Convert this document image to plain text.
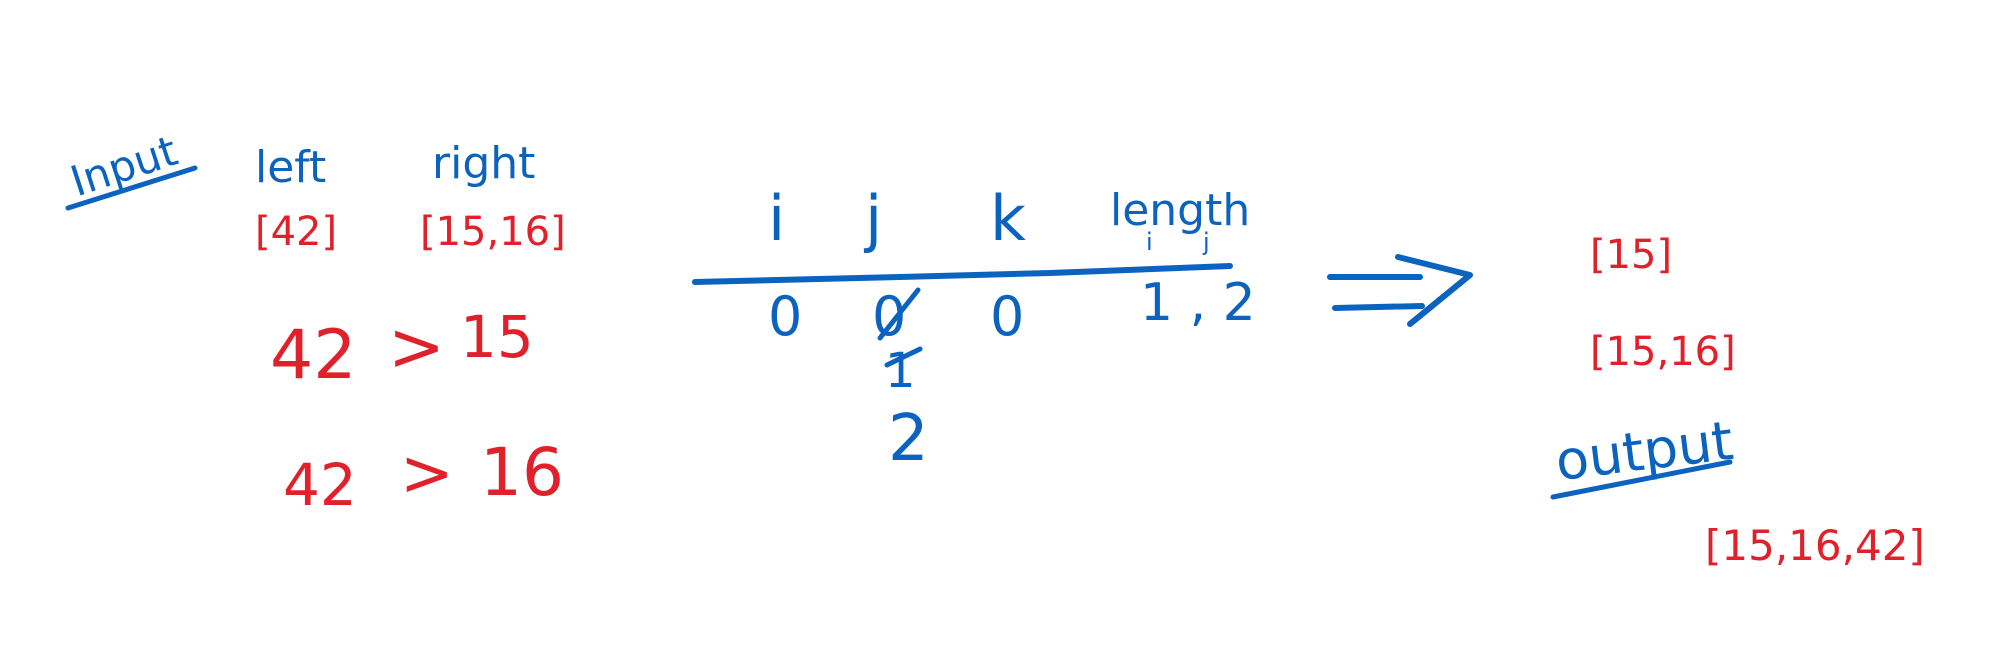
Input left right
[42] [15,16]
42 > 15
42 > 16
i j k length
i j
0 0 0
1
2
1 , 2
[15]
[15,16]
output
[15,16,42]
